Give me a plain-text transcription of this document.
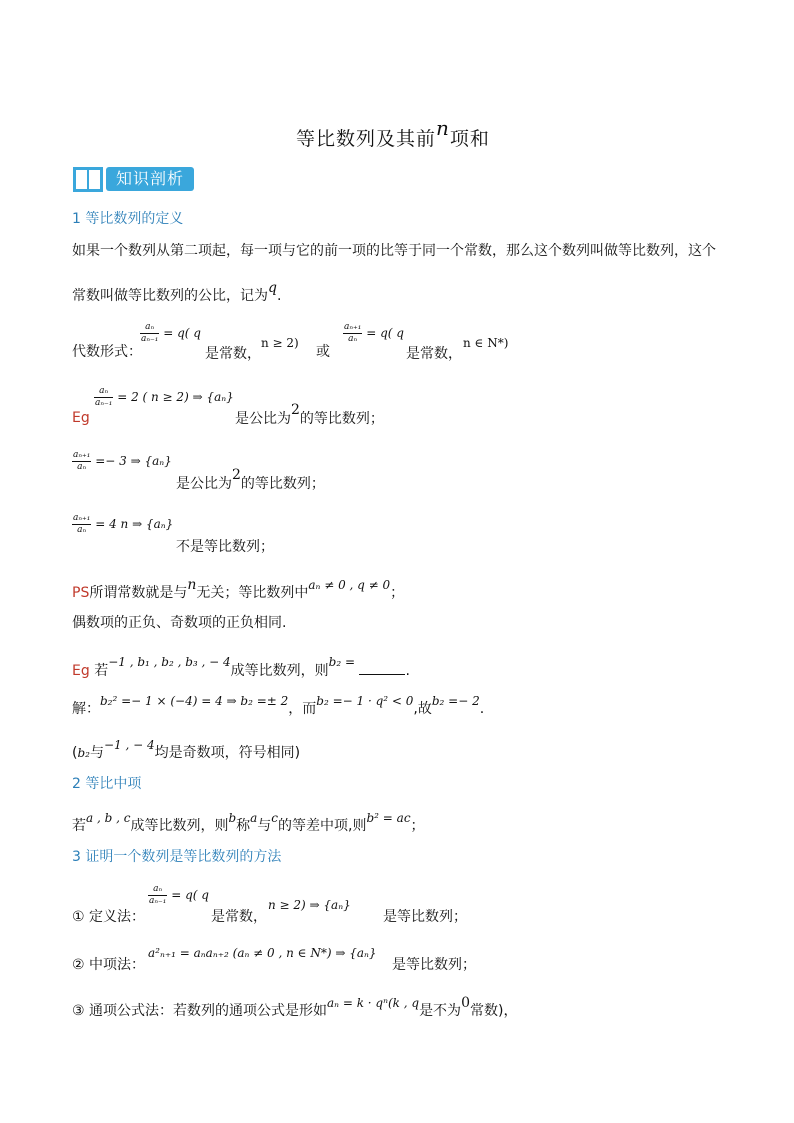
等比数列及其前n项和
知识剖析
1 等比数列的定义
如果一个数列从第二项起，每一项与它的前一项的比等于同一个常数，那么这个数列叫做等比数列，这个
常数叫做等比数列的公比，记为q.
代数形式：
$\frac{\text{aₙ}}{\text{aₙ₋₁}} = q$( q
是常数，
n ≥ 2)
或
$\frac{\text{aₙ₊₁}}{\text{aₙ}} = q$( q
是常数，
n ∈ N*)
Eg
$\frac{\text{aₙ}}{\text{aₙ₋₁}} = 2$ ( n ≥ 2) ⇒ {aₙ}
是公比为2的等比数列；
$\frac{\text{aₙ₊₁}}{\text{aₙ}} =- 3$ ⇒ {aₙ}
是公比为2的等比数列；
$\frac{\text{aₙ₊₁}}{\text{aₙ}} = 4$ n ⇒ {aₙ}
不是等比数列；
PS所谓常数就是与n无关；等比数列中aₙ ≠ 0 , q ≠ 0；
偶数项的正负、奇数项的正负相同.
Eg 若−1 , b₁ , b₂ , b₃ , − 4成等比数列，则b₂ = .
解：b₂² =− 1 × (−4) = 4 ⇒ b₂ =± 2，而b₂ =− 1 · q² < 0,故b₂ =− 2.
(b₂与−1 , − 4均是奇数项，符号相同)
2 等比中项
若a , b , c成等比数列，则b称a与c的等差中项,则b² = ac；
3 证明一个数列是等比数列的方法
① 定义法：
$\frac{\text{aₙ}}{\text{aₙ₋₁}} = q$( q
是常数，
n ≥ 2) ⇒ {aₙ}
是等比数列；
② 中项法：
a²ₙ₊₁ = aₙaₙ₊₂ (aₙ ≠ 0 , n ∈ N*) ⇒ {aₙ}
是等比数列；
③ 通项公式法：若数列的通项公式是形如aₙ = k · qⁿ(k , q是不为0常数)，
